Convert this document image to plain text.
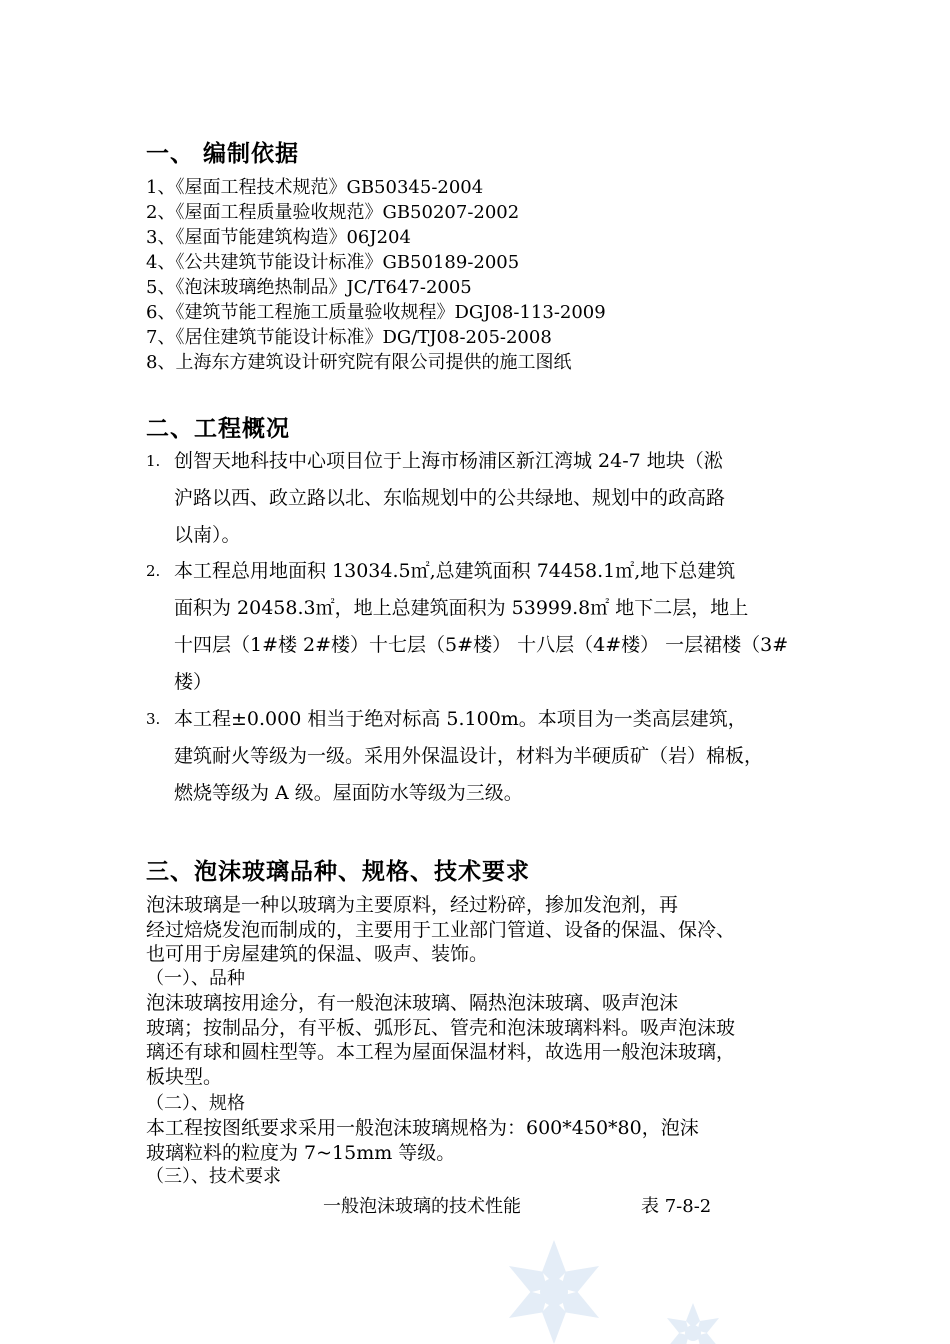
一、 编制依据
1、《屋面工程技术规范》GB50345-2004
2、《屋面工程质量验收规范》GB50207-2002
3、《屋面节能建筑构造》06J204
4、《公共建筑节能设计标准》GB50189-2005
5、《泡沫玻璃绝热制品》JC/T647-2005
6、《建筑节能工程施工质量验收规程》DGJ08-113-2009
7、《居住建筑节能设计标准》DG/TJ08-205-2008
8、上海东方建筑设计研究院有限公司提供的施工图纸
二、工程概况
1. 创智天地科技中心项目位于上海市杨浦区新江湾城 24-7 地块（淞
沪路以西、政立路以北、东临规划中的公共绿地、规划中的政高路
以南）。
2. 本工程总用地面积 13034.5㎡,总建筑面积 74458.1㎡,地下总建筑
面积为 20458.3㎡，地上总建筑面积为 53999.8㎡ 地下二层，地上
十四层（1#楼 2#楼）十七层（5#楼） 十八层（4#楼） 一层裙楼（3#
楼）
3. 本工程±0.000 相当于绝对标高 5.100m。本项目为一类高层建筑，
建筑耐火等级为一级。采用外保温设计，材料为半硬质矿（岩）棉板，
燃烧等级为 A 级。屋面防水等级为三级。
三、泡沫玻璃品种、规格、技术要求
泡沫玻璃是一种以玻璃为主要原料，经过粉碎，掺加发泡剂，再
经过焙烧发泡而制成的，主要用于工业部门管道、设备的保温、保冷、
也可用于房屋建筑的保温、吸声、装饰。
（一）、品种
泡沫玻璃按用途分，有一般泡沫玻璃、隔热泡沫玻璃、吸声泡沫
玻璃；按制品分，有平板、弧形瓦、管壳和泡沫玻璃料料。吸声泡沫玻
璃还有球和圆柱型等。本工程为屋面保温材料，故选用一般泡沫玻璃，
板块型。
（二）、规格
本工程按图纸要求采用一般泡沫玻璃规格为：600*450*80，泡沫
玻璃粒料的粒度为 7~15mm 等级。
（三）、技术要求
一般泡沫玻璃的技术性能	表 7-8-2
